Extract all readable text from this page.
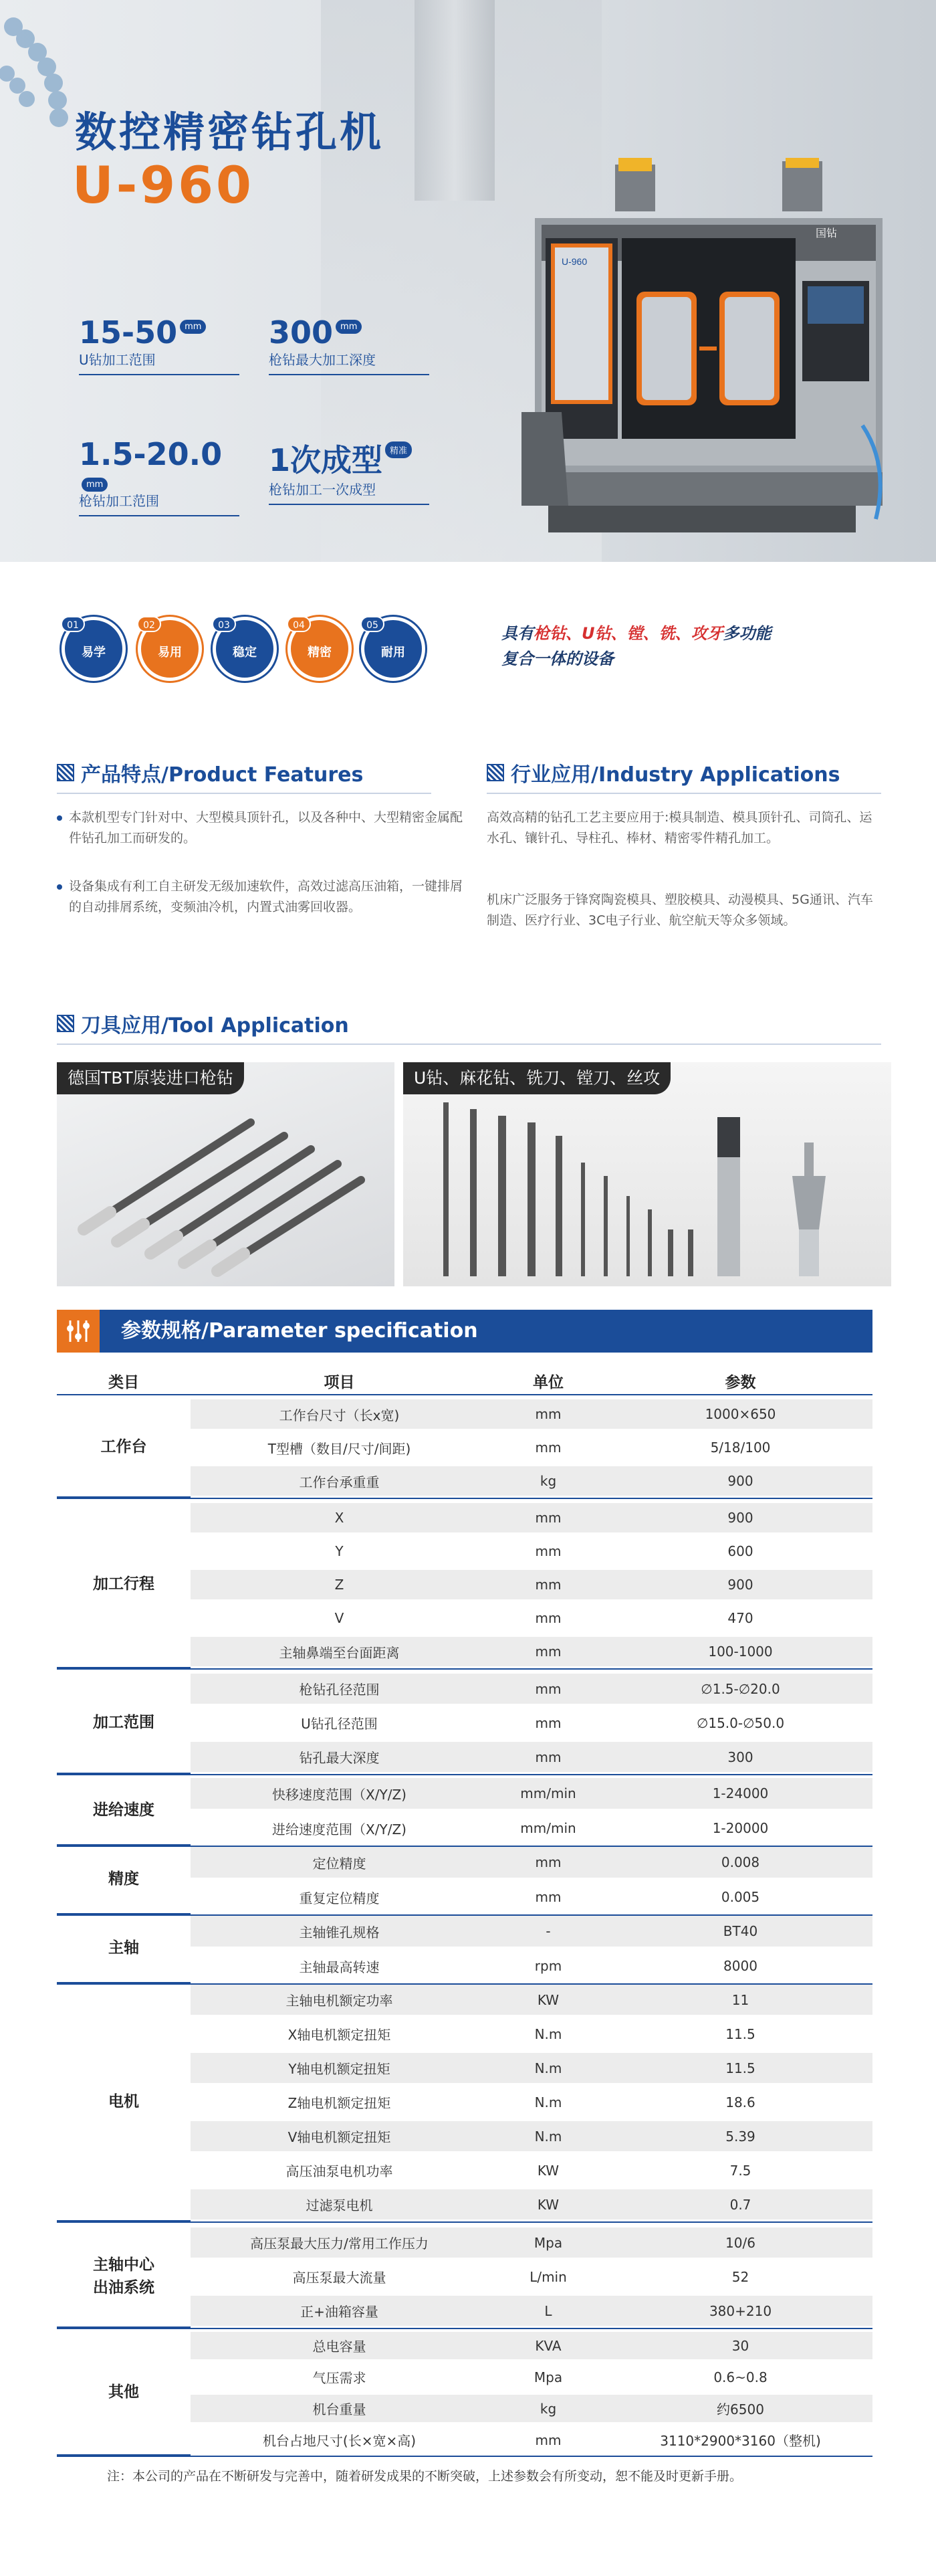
数控精密钻孔机
U-960
15-50 mm
U钻加工范围
300 mm
枪钻最大加工深度
1.5-20.0mm
枪钻加工范围
1次成型 精准
枪钻加工一次成型
U-960
国钻
01
易学
02
易用
03
稳定
04
精密
05
耐用
具有枪钻、U钻、镗、铣、攻牙多功能
复合一体的设备
产品特点/Product Features
本款机型专门针对中、大型模具顶针孔，以及各种中、大型精密金属配件钻孔加工而研发的。
设备集成有利工自主研发无级加速软件，高效过滤高压油箱，一键排屑的自动排屑系统，变频油冷机，内置式油雾回收器。
行业应用/Industry Applications
高效高精的钻孔工艺主要应用于:模具制造、模具顶针孔、司筒孔、运水孔、镶针孔、导柱孔、棒材、精密零件精孔加工。
机床广泛服务于锋窝陶瓷模具、塑胶模具、动漫模具、5G通讯、汽车制造、医疗行业、3C电子行业、航空航天等众多领域。
刀具应用/Tool Application
德国TBT原装进口枪钻	U钻、麻花钻、铣刀、镗刀、丝攻
参数规格/Parameter specification
类目	项目	单位	参数
工作台
工作台尺寸（长x宽)	mm	1000×650
T型槽（数目/尺寸/间距)	mm	5/18/100
工作台承重重	kg	900
加工行程
X	mm	900
Y	mm	600
Z	mm	900
V	mm	470
主轴鼻端至台面距离	mm	100-1000
加工范围
枪钻孔径范围	mm	∅1.5-∅20.0
U钻孔径范围	mm	∅15.0-∅50.0
钻孔最大深度	mm	300
进给速度
快移速度范围（X/Y/Z)	mm/min	1-24000
进给速度范围（X/Y/Z)	mm/min	1-20000
精度
定位精度	mm	0.008
重复定位精度	mm	0.005
主轴
主轴锥孔规格	-	BT40
主轴最高转速	rpm	8000
电机
主轴电机额定功率	KW	11
X轴电机额定扭矩	N.m	11.5
Y轴电机额定扭矩	N.m	11.5
Z轴电机额定扭矩	N.m	18.6
V轴电机额定扭矩	N.m	5.39
高压油泵电机功率	KW	7.5
过滤泵电机	KW	0.7
主轴中心出油系统
高压泵最大压力/常用工作压力	Mpa	10/6
高压泵最大流量	L/min	52
正+油箱容量	L	380+210
其他
总电容量	KVA	30
气压需求	Mpa	0.6~0.8
机台重量	kg	约6500
机台占地尺寸(长×宽×高)	mm	3110*2900*3160（整机)
注：本公司的产品在不断研发与完善中，随着研发成果的不断突破，上述参数会有所变动，恕不能及时更新手册。
